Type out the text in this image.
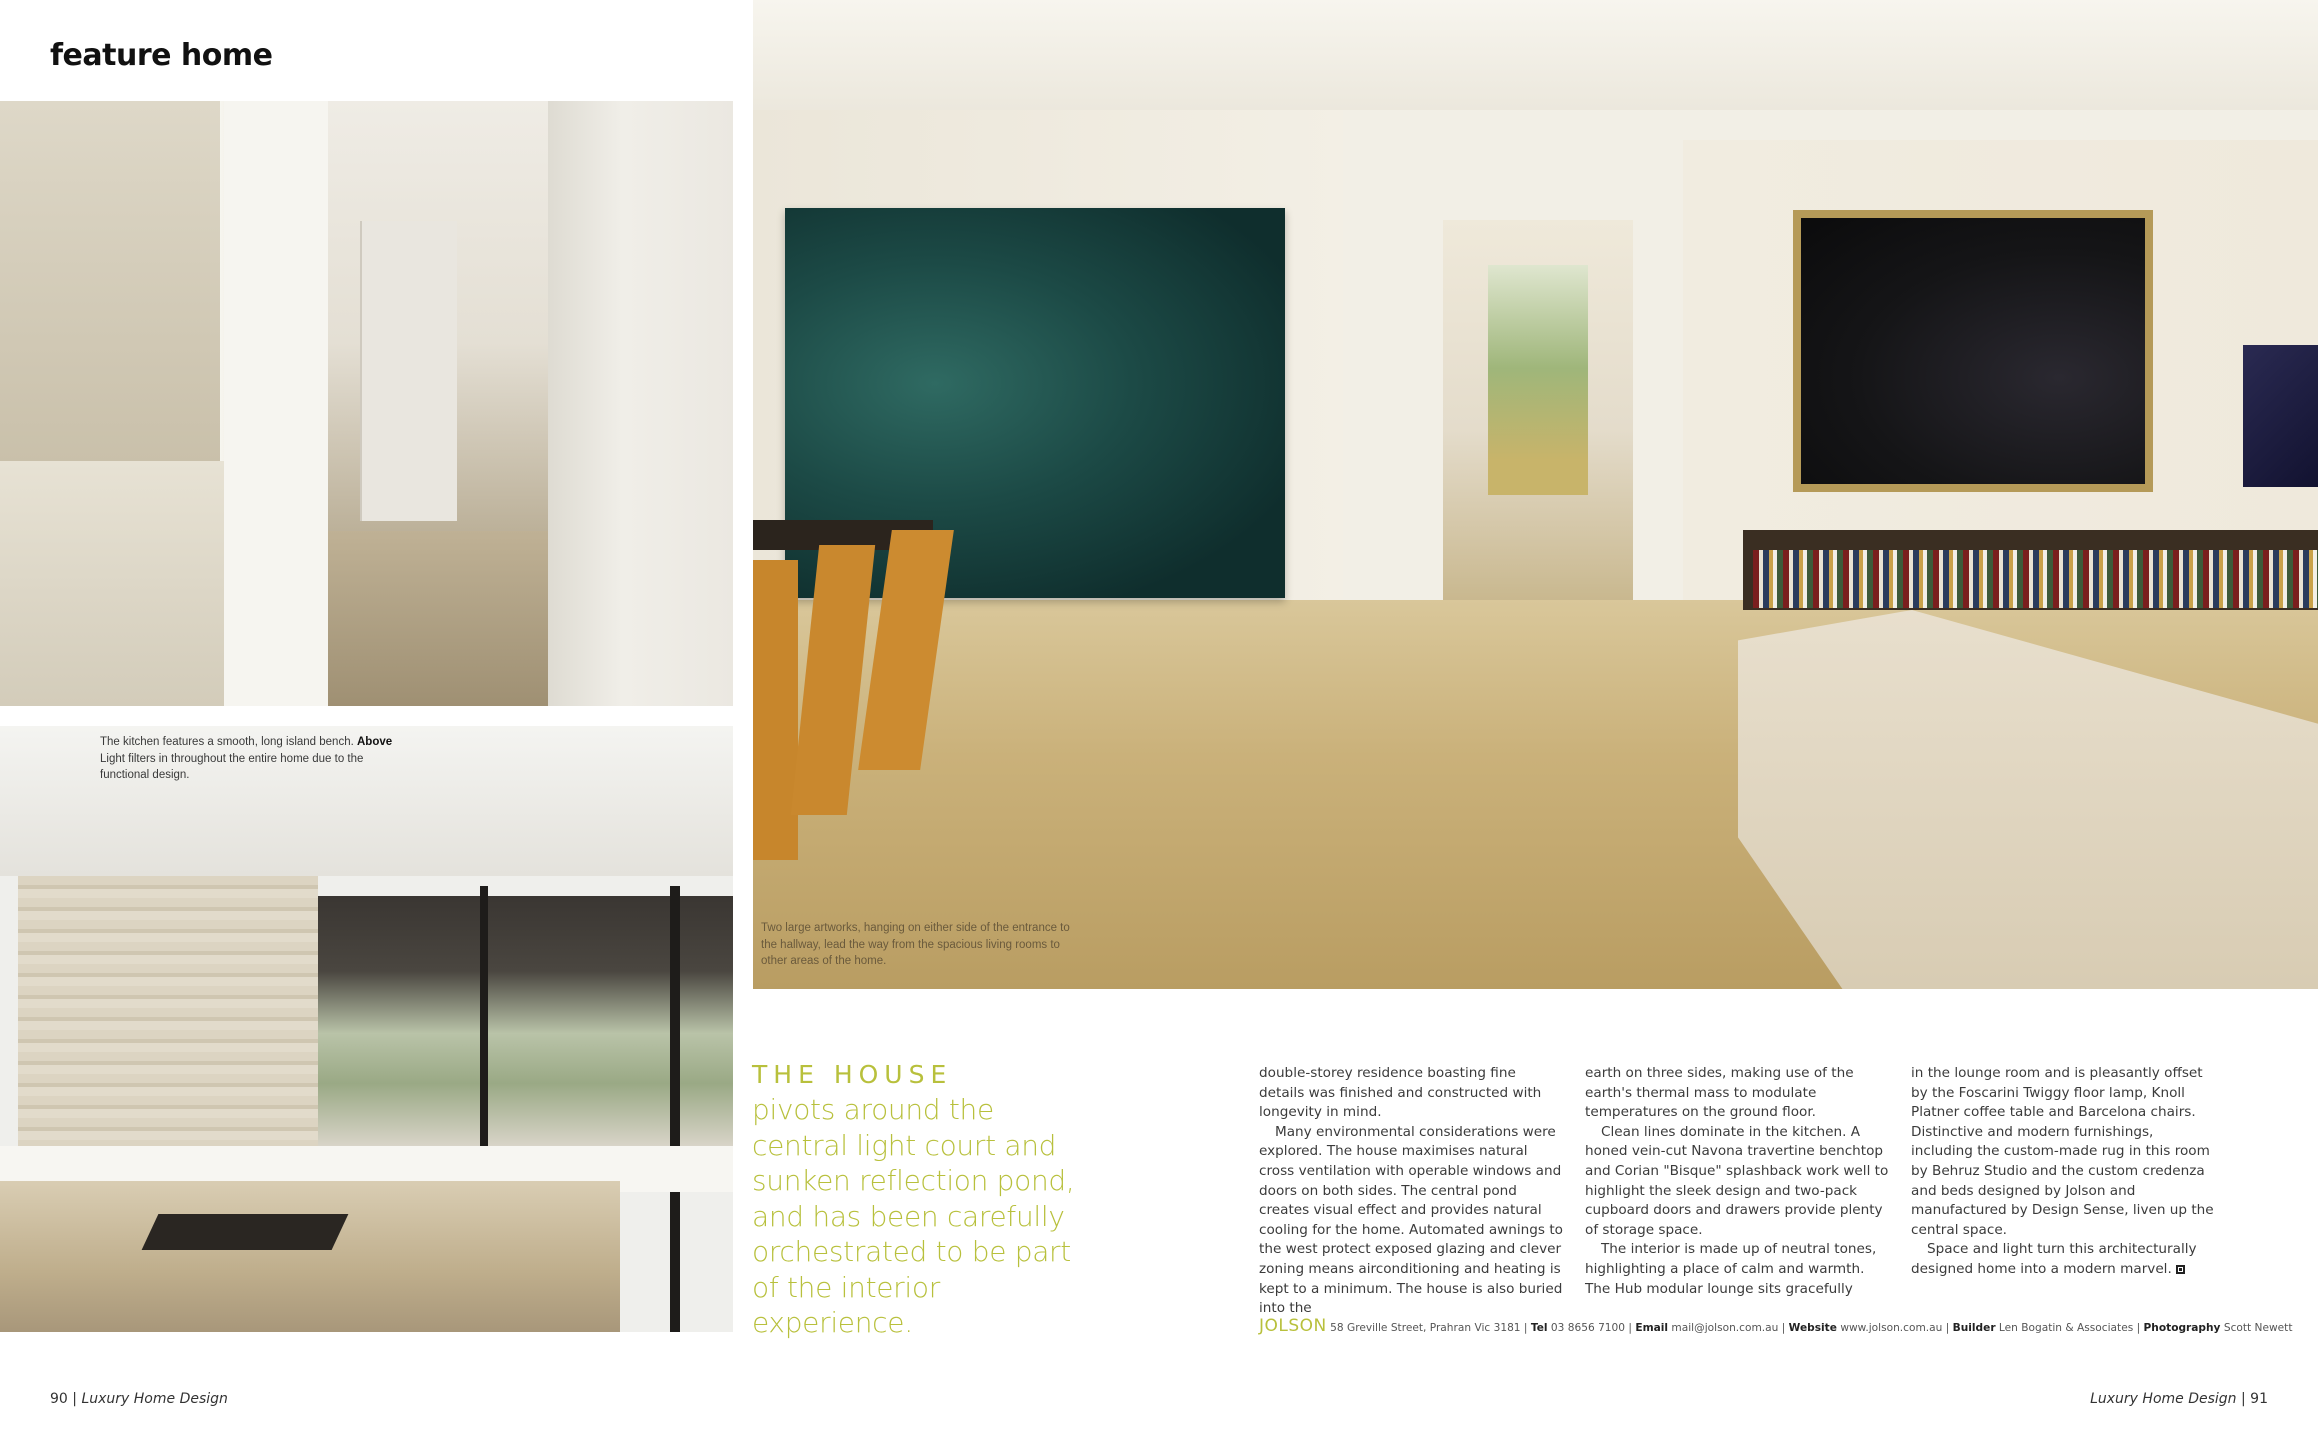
feature home
The kitchen features a smooth, long island bench. Above Light filters in throughout the entire home due to the functional design.
Two large artworks, hanging on either side of the entrance to the hallway, lead the way from the spacious living rooms to other areas of the home.
THE HOUSE
pivots around the central light court and sunken reflection pond, and has been carefully orchestrated to be part of the interior experience.

double-storey residence boasting fine details was finished and constructed with longevity in mind.

Many environmental considerations were explored. The house maximises natural cross ventilation with operable windows and doors on both sides. The central pond creates visual effect and provides natural cooling for the home. Automated awnings to the west protect exposed glazing and clever zoning means airconditioning and heating is kept to a minimum. The house is also buried into the

earth on three sides, making use of the earth's thermal mass to modulate temperatures on the ground floor.

Clean lines dominate in the kitchen. A honed vein-cut Navona travertine benchtop and Corian "Bisque" splashback work well to highlight the sleek design and two-pack cupboard doors and drawers provide plenty of storage space.

The interior is made up of neutral tones, highlighting a place of calm and warmth. The Hub modular lounge sits gracefully

in the lounge room and is pleasantly offset by the Foscarini Twiggy floor lamp, Knoll Platner coffee table and Barcelona chairs. Distinctive and modern furnishings, including the custom-made rug in this room by Behruz Studio and the custom credenza and beds designed by Jolson and manufactured by Design Sense, liven up the central space.

Space and light turn this architecturally designed home into a modern marvel.

JOLSON 58 Greville Street, Prahran Vic 3181 | Tel 03 8656 7100 | Email mail@jolson.com.au | Website www.jolson.com.au | Builder Len Bogatin & Associates | Photography Scott Newett
90 | Luxury Home Design	Luxury Home Design | 91
